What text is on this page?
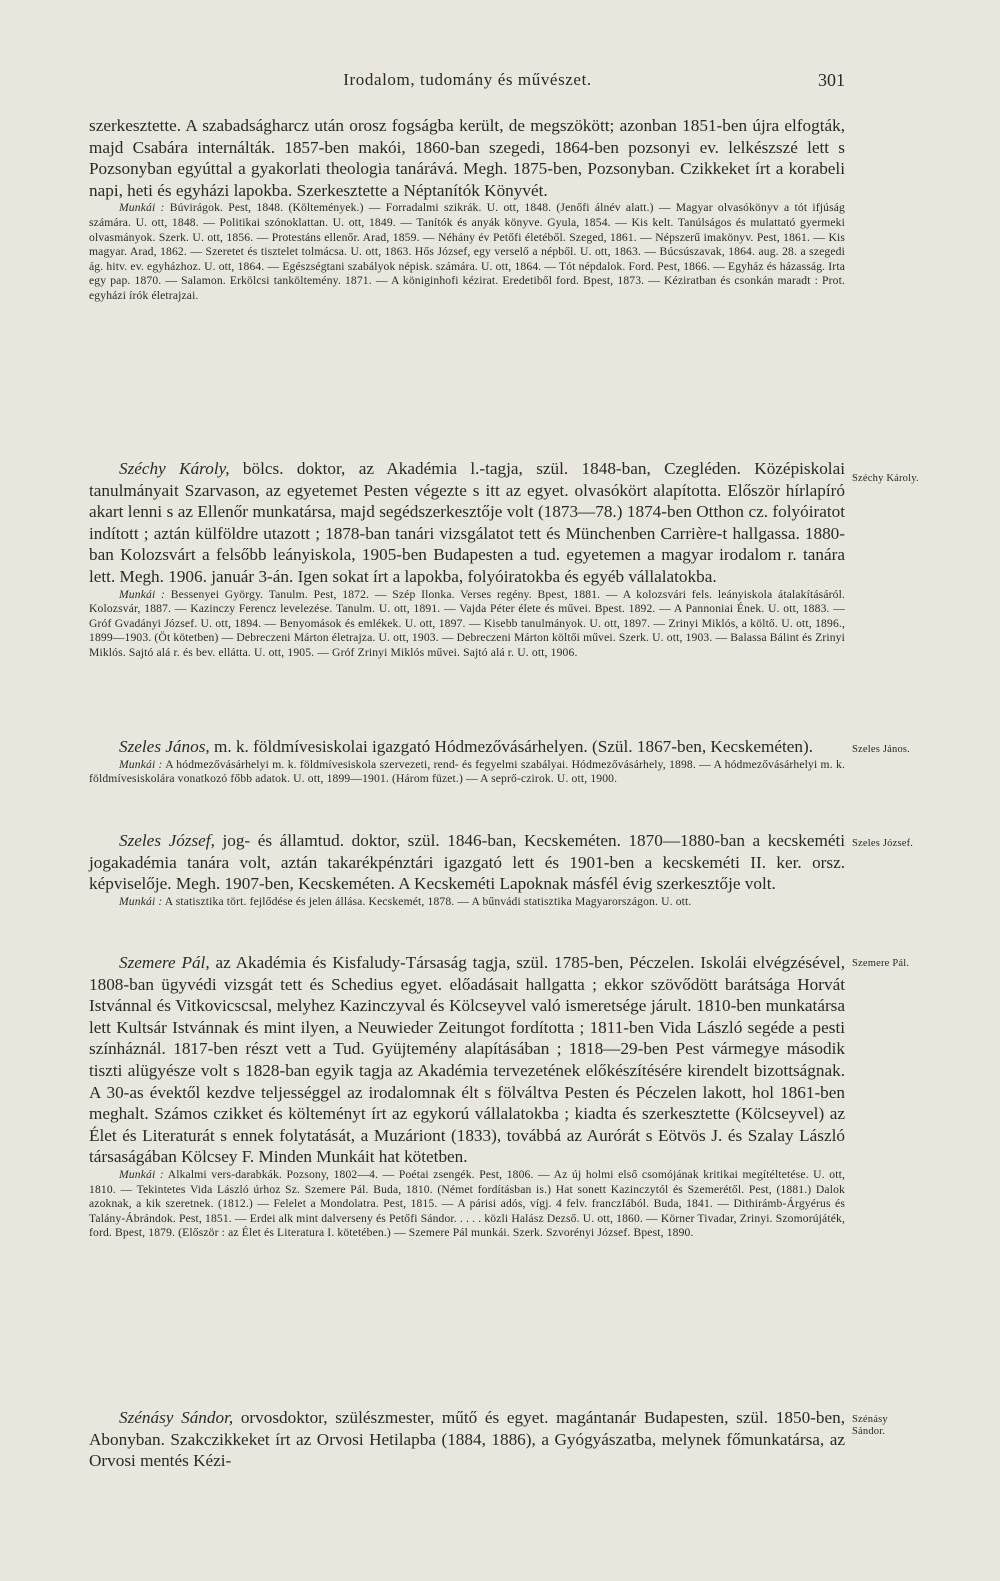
Irodalom, tudomány és művészet.	301
Széchy Károly.
Szeles János.
Szeles József.
Szemere Pál.
Szénásy Sándor.

szerkesztette. A szabadságharcz után orosz fogságba került, de megszökött; azonban 1851-ben újra elfogták, majd Csabára internálták. 1857-ben makói, 1860-ban szegedi, 1864-ben pozsonyi ev. lelkészszé lett s Pozsonyban egyúttal a gyakorlati theologia tanárává. Megh. 1875-ben, Pozsonyban. Czikkeket írt a korabeli napi, heti és egyházi lapokba. Szerkesztette a Néptanítók Könyvét.

Munkái : Búvirágok. Pest, 1848. (Költemények.) — Forradalmi szikrák. U. ott, 1848. (Jenőfi álnév alatt.) — Magyar olvasókönyv a tót ifjúság számára. U. ott, 1848. — Politikai szónoklattan. U. ott, 1849. — Tanítók és anyák könyve. Gyula, 1854. — Kis kelt. Tanúlságos és mulattató gyermeki olvasmányok. Szerk. U. ott, 1856. — Protestáns ellenőr. Arad, 1859. — Néhány év Petőfi életéből. Szeged, 1861. — Népszerű imakönyv. Pest, 1861. — Kis magyar. Arad, 1862. — Szeretet és tisztelet tolmácsa. U. ott, 1863. Hős József, egy verselő a népből. U. ott, 1863. — Búcsúszavak, 1864. aug. 28. a szegedi ág. hitv. ev. egyházhoz. U. ott, 1864. — Egészségtani szabályok népisk. számára. U. ott, 1864. — Tót népdalok. Ford. Pest, 1866. — Egyház és házasság. Irta egy pap. 1870. — Salamon. Erkölcsi tanköltemény. 1871. — A königinhofi kézirat. Eredetiből ford. Bpest, 1873. — Kéziratban és csonkán maradt : Prot. egyházi írók életrajzai.

Széchy Károly, bölcs. doktor, az Akadémia l.-tagja, szül. 1848-ban, Czegléden. Középiskolai tanulmányait Szarvason, az egyetemet Pesten végezte s itt az egyet. olvasókört alapította. Először hírlapíró akart lenni s az Ellenőr munkatársa, majd segédszerkesztője volt (1873—78.) 1874-ben Otthon cz. folyóiratot indított ; aztán külföldre utazott ; 1878-ban tanári vizsgálatot tett és Münchenben Carrière-t hallgassa. 1880-ban Kolozsvárt a felsőbb leányiskola, 1905-ben Budapesten a tud. egyetemen a magyar irodalom r. tanára lett. Megh. 1906. január 3-án. Igen sokat írt a lapokba, folyóiratokba és egyéb vállalatokba.

Munkái : Bessenyei György. Tanulm. Pest, 1872. — Szép Ilonka. Verses regény. Bpest, 1881. — A kolozsvári fels. leányiskola átalakításáról. Kolozsvár, 1887. — Kazinczy Ferencz levelezése. Tanulm. U. ott, 1891. — Vajda Péter élete és művei. Bpest. 1892. — A Pannoniai Ének. U. ott, 1883. — Gróf Gvadányi József. U. ott, 1894. — Benyomások és emlékek. U. ott, 1897. — Kisebb tanulmányok. U. ott, 1897. — Zrinyi Miklós, a költő. U. ott, 1896., 1899—1903. (Öt kötetben) — Debreczeni Márton életrajza. U. ott, 1903. — Debreczeni Márton költői művei. Szerk. U. ott, 1903. — Balassa Bálint és Zrinyi Miklós. Sajtó alá r. és bev. ellátta. U. ott, 1905. — Gróf Zrinyi Miklós művei. Sajtó alá r. U. ott, 1906.

Szeles János, m. k. földmívesiskolai igazgató Hódmezővásárhelyen. (Szül. 1867-ben, Kecskeméten).

Munkái : A hódmezővásárhelyi m. k. földmívesiskola szervezeti, rend- és fegyelmi szabályai. Hódmezővásárhely, 1898. — A hódmezővásárhelyi m. k. földmívesiskolára vonatkozó főbb adatok. U. ott, 1899—1901. (Három füzet.) — A seprő-czirok. U. ott, 1900.

Szeles József, jog- és államtud. doktor, szül. 1846-ban, Kecskeméten. 1870—1880-ban a kecskeméti jogakadémia tanára volt, aztán takarékpénztári igazgató lett és 1901-ben a kecskeméti II. ker. orsz. képviselője. Megh. 1907-ben, Kecskeméten. A Kecskeméti Lapoknak másfél évig szerkesztője volt.

Munkái : A statisztika tört. fejlődése és jelen állása. Kecskemét, 1878. — A bűnvádi statisztika Magyarországon. U. ott.

Szemere Pál, az Akadémia és Kisfaludy-Társaság tagja, szül. 1785-ben, Péczelen. Iskolái elvégzésével, 1808-ban ügyvédi vizsgát tett és Schedius egyet. előadásait hallgatta ; ekkor szövődött barátsága Horvát Istvánnal és Vitkovicscsal, melyhez Kazinczyval és Kölcseyvel való ismeretsége járult. 1810-ben munkatársa lett Kultsár Istvánnak és mint ilyen, a Neuwieder Zeitungot fordította ; 1811-ben Vida László segéde a pesti színháznál. 1817-ben részt vett a Tud. Gyüjtemény alapításában ; 1818—29-ben Pest vármegye második tiszti alügyésze volt s 1828-ban egyik tagja az Akadémia tervezetének előkészítésére kirendelt bizottságnak. A 30-as évektől kezdve teljességgel az irodalomnak élt s fölváltva Pesten és Péczelen lakott, hol 1861-ben meghalt. Számos czikket és költeményt írt az egykorú vállalatokba ; kiadta és szerkesztette (Kölcseyvel) az Élet és Literaturát s ennek folytatását, a Muzáriont (1833), továbbá az Aurórát s Eötvös J. és Szalay László társaságában Kölcsey F. Minden Munkáit hat kötetben.

Munkái : Alkalmi vers-darabkák. Pozsony, 1802—4. — Poétai zsengék. Pest, 1806. — Az új holmi első csomójának kritikai megítéltetése. U. ott, 1810. — Tekintetes Vida László úrhoz Sz. Szemere Pál. Buda, 1810. (Német fordításban is.) Hat sonett Kazinczytól és Szemerétől. Pest, (1881.) Dalok azoknak, a kik szeretnek. (1812.) — Felelet a Mondolatra. Pest, 1815. — A párisi adós, vígj. 4 felv. franczIából. Buda, 1841. — Dithirámb-Árgyérus és Talány-Ábrándok. Pest, 1851. — Erdei alk mint dalverseny és Petőfi Sándor. . . . . közli Halász Dezső. U. ott, 1860. — Körner Tivadar, Zrinyi. Szomorújáték, ford. Bpest, 1879. (Először : az Élet és Literatura I. kötetében.) — Szemere Pál munkái. Szerk. Szvorényi József. Bpest, 1890.

Szénásy Sándor, orvosdoktor, szülészmester, műtő és egyet. magántanár Budapesten, szül. 1850-ben, Abonyban. Szakczikkeket írt az Orvosi Hetilapba (1884, 1886), a Gyógyászatba, melynek főmunkatársa, az Orvosi mentés Kézi-
